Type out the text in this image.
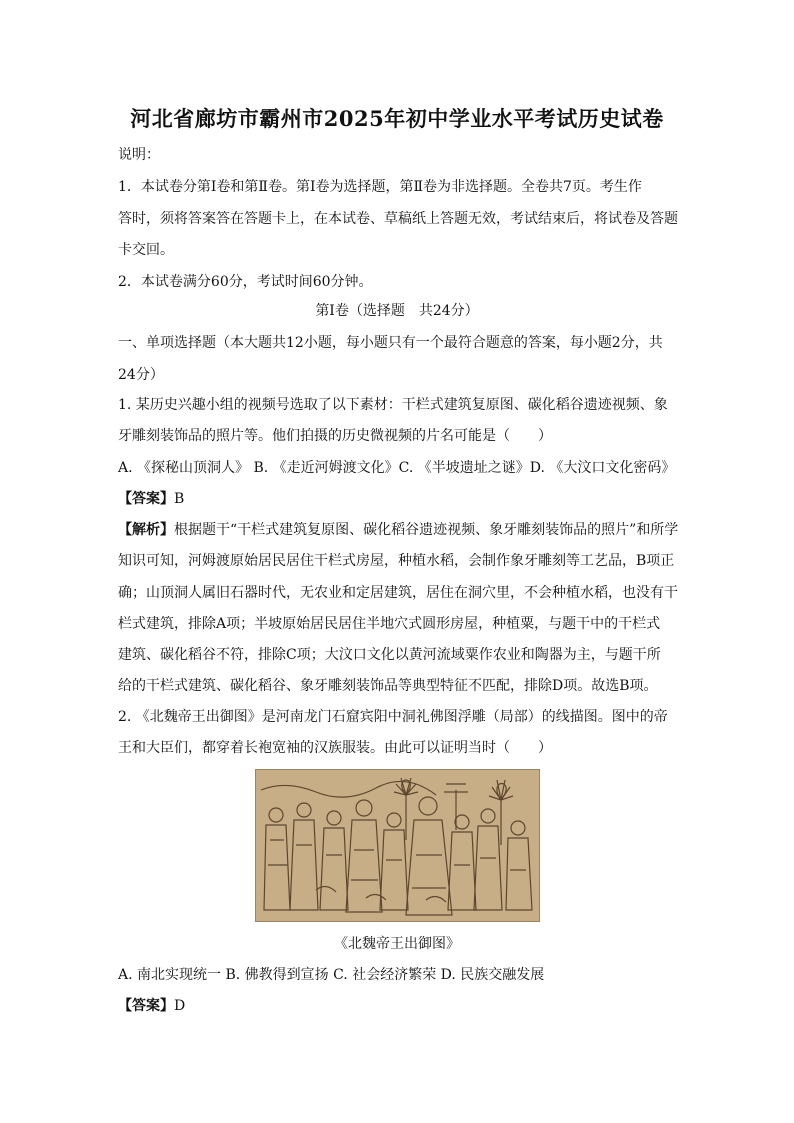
河北省廊坊市霸州市2025年初中学业水平考试历史试卷
说明：
1．本试卷分第Ⅰ卷和第Ⅱ卷。第Ⅰ卷为选择题，第Ⅱ卷为非选择题。全卷共7页。考生作
答时，须将答案答在答题卡上，在本试卷、草稿纸上答题无效，考试结束后，将试卷及答题
卡交回。
2．本试卷满分60分，考试时间60分钟。
第Ⅰ卷（选择题　共24分）
一、单项选择题（本大题共12小题，每小题只有一个最符合题意的答案，每小题2分，共
24分）
1. 某历史兴趣小组的视频号选取了以下素材：干栏式建筑复原图、碳化稻谷遗迹视频、象
牙雕刻装饰品的照片等。他们拍摄的历史微视频的片名可能是（　　）
A. 《探秘山顶洞人》 B. 《走近河姆渡文化》C. 《半坡遗址之谜》D. 《大汶口文化密码》
【答案】B
【解析】根据题干“干栏式建筑复原图、碳化稻谷遗迹视频、象牙雕刻装饰品的照片”和所学
知识可知，河姆渡原始居民居住干栏式房屋，种植水稻，会制作象牙雕刻等工艺品，B项正
确；山顶洞人属旧石器时代，无农业和定居建筑，居住在洞穴里，不会种植水稻，也没有干
栏式建筑，排除A项；半坡原始居民居住半地穴式圆形房屋，种植粟，与题干中的干栏式
建筑、碳化稻谷不符，排除C项；大汶口文化以黄河流域粟作农业和陶器为主，与题干所
给的干栏式建筑、碳化稻谷、象牙雕刻装饰品等典型特征不匹配，排除D项。故选B项。
2. 《北魏帝王出御图》是河南龙门石窟宾阳中洞礼佛图浮雕（局部）的线描图。图中的帝
王和大臣们，都穿着长袍宽袖的汉族服装。由此可以证明当时（　　）
《北魏帝王出御图》
A. 南北实现统一 B. 佛教得到宣扬 C. 社会经济繁荣 D. 民族交融发展
【答案】D
